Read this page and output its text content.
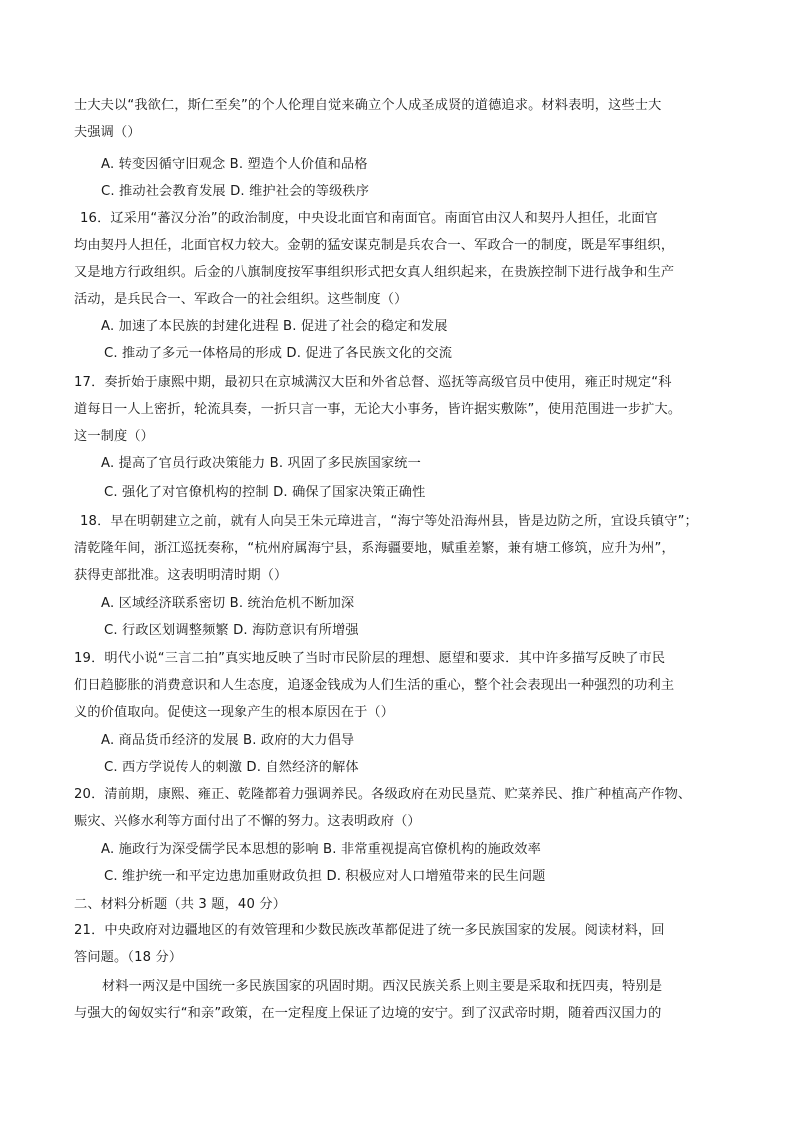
士大夫以“我欲仁，斯仁至矣”的个人伦理自觉来确立个人成圣成贤的道德追求。材料表明，这些士大
夫强调（）
A. 转变因循守旧观念 B. 塑造个人价值和品格
C. 推动社会教育发展 D. 维护社会的等级秩序
16．辽采用“蕃汉分治”的政治制度，中央设北面官和南面官。南面官由汉人和契丹人担任，北面官
均由契丹人担任，北面官权力较大。金朝的猛安谋克制是兵农合一、军政合一的制度，既是军事组织，
又是地方行政组织。后金的八旗制度按军事组织形式把女真人组织起来，在贵族控制下进行战争和生产
活动，是兵民合一、军政合一的社会组织。这些制度（）
A. 加速了本民族的封建化进程 B. 促进了社会的稳定和发展
C. 推动了多元一体格局的形成 D. 促进了各民族文化的交流
17．奏折始于康熙中期，最初只在京城满汉大臣和外省总督、巡抚等高级官员中使用，雍正时规定“科
道每日一人上密折，轮流具奏，一折只言一事，无论大小事务，皆许据实敷陈”，使用范围进一步扩大。
这一制度（）
A. 提高了官员行政决策能力 B. 巩固了多民族国家统一
C. 强化了对官僚机构的控制 D. 确保了国家决策正确性
18．早在明朝建立之前，就有人向吴王朱元璋进言，“海宁等处沿海州县，皆是边防之所，宜设兵镇守”；
清乾隆年间，浙江巡抚奏称，“杭州府属海宁县，系海疆要地，赋重差繁，兼有塘工修筑，应升为州”，
获得吏部批准。这表明明清时期（）
A. 区域经济联系密切 B. 统治危机不断加深
C. 行政区划调整频繁 D. 海防意识有所增强
19．明代小说“三言二拍”真实地反映了当时市民阶层的理想、愿望和要求．其中许多描写反映了市民
们日趋膨胀的消费意识和人生态度，追逐金钱成为人们生活的重心，整个社会表现出一种强烈的功利主
义的价值取向。促使这一现象产生的根本原因在于（）
A. 商品货币经济的发展 B. 政府的大力倡导
C. 西方学说传人的刺激 D. 自然经济的解体
20．清前期，康熙、雍正、乾隆都着力强调养民。各级政府在劝民垦荒、贮菜养民、推广种植高产作物、
赈灾、兴修水利等方面付出了不懈的努力。这表明政府（）
A. 施政行为深受儒学民本思想的影响 B. 非常重视提高官僚机构的施政效率
C. 维护统一和平定边患加重财政负担 D. 积极应对人口增殖带来的民生问题
二、材料分析题（共 3 题，40 分）
21．中央政府对边疆地区的有效管理和少数民族改革都促进了统一多民族国家的发展。阅读材料，回
答问题。（18 分）
材料一两汉是中国统一多民族国家的巩固时期。西汉民族关系上则主要是采取和抚四夷，特别是
与强大的匈奴实行“和亲”政策，在一定程度上保证了边境的安宁。到了汉武帝时期，随着西汉国力的
